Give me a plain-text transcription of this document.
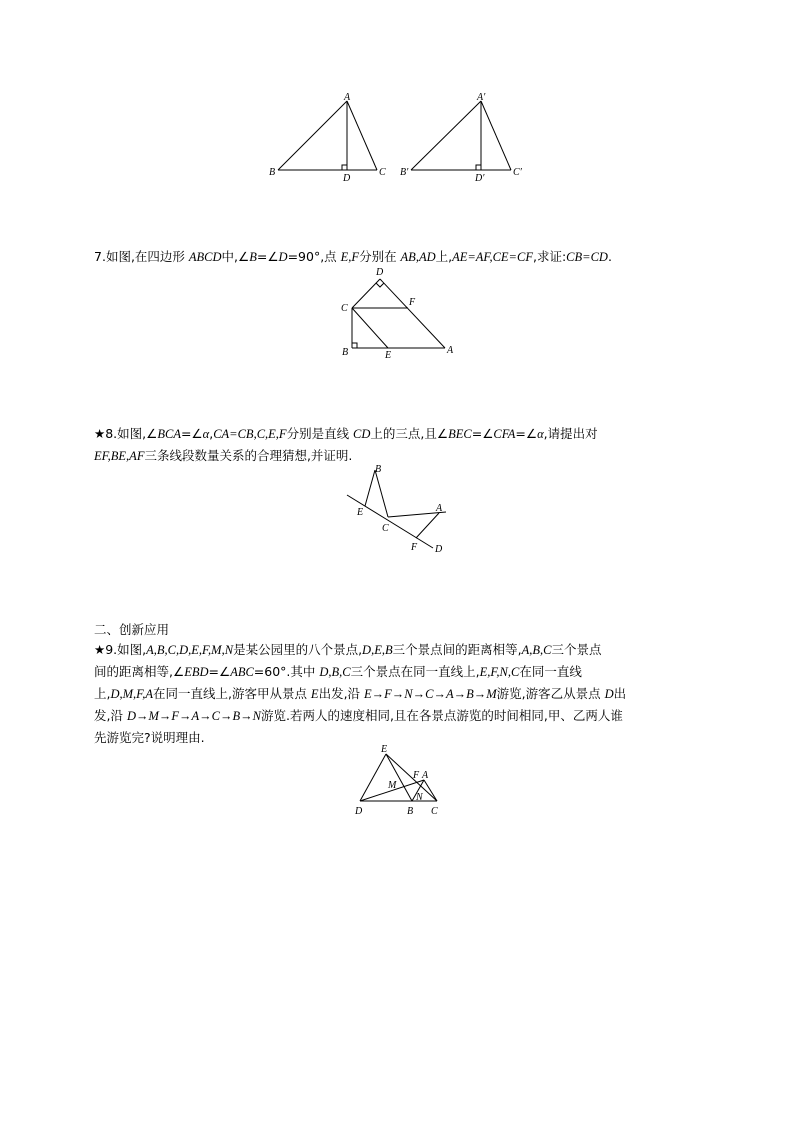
A
B	C
D
A′
B′	C′
D′

7.如图,在四边形 ABCD中,∠B=∠D=90°,点 E,F分别在 AB,AD上,AE=AF,CE=CF,求证:CB=CD.

D
C
F
B	E	A

★8.如图,∠BCA=∠α,CA=CB,C,E,F分别是直线 CD上的三点,且∠BEC=∠CFA=∠α,请提出对
EF,BE,AF三条线段数量关系的合理猜想,并证明.

B
E
C
A
F D

二、创新应用

★9.如图,A,B,C,D,E,F,M,N是某公园里的八个景点,D,E,B三个景点间的距离相等,A,B,C三个景点
间的距离相等,∠EBD=∠ABC=60°.其中 D,B,C三个景点在同一直线上,E,F,N,C在同一直线
上,D,M,F,A在同一直线上,游客甲从景点 E出发,沿 E→F→N→C→A→B→M游览,游客乙从景点 D出
发,沿 D→M→F→A→C→B→N游览.若两人的速度相同,且在各景点游览的时间相同,甲、乙两人谁
先游览完?说明理由.

E
F A
M
N
D	B C
